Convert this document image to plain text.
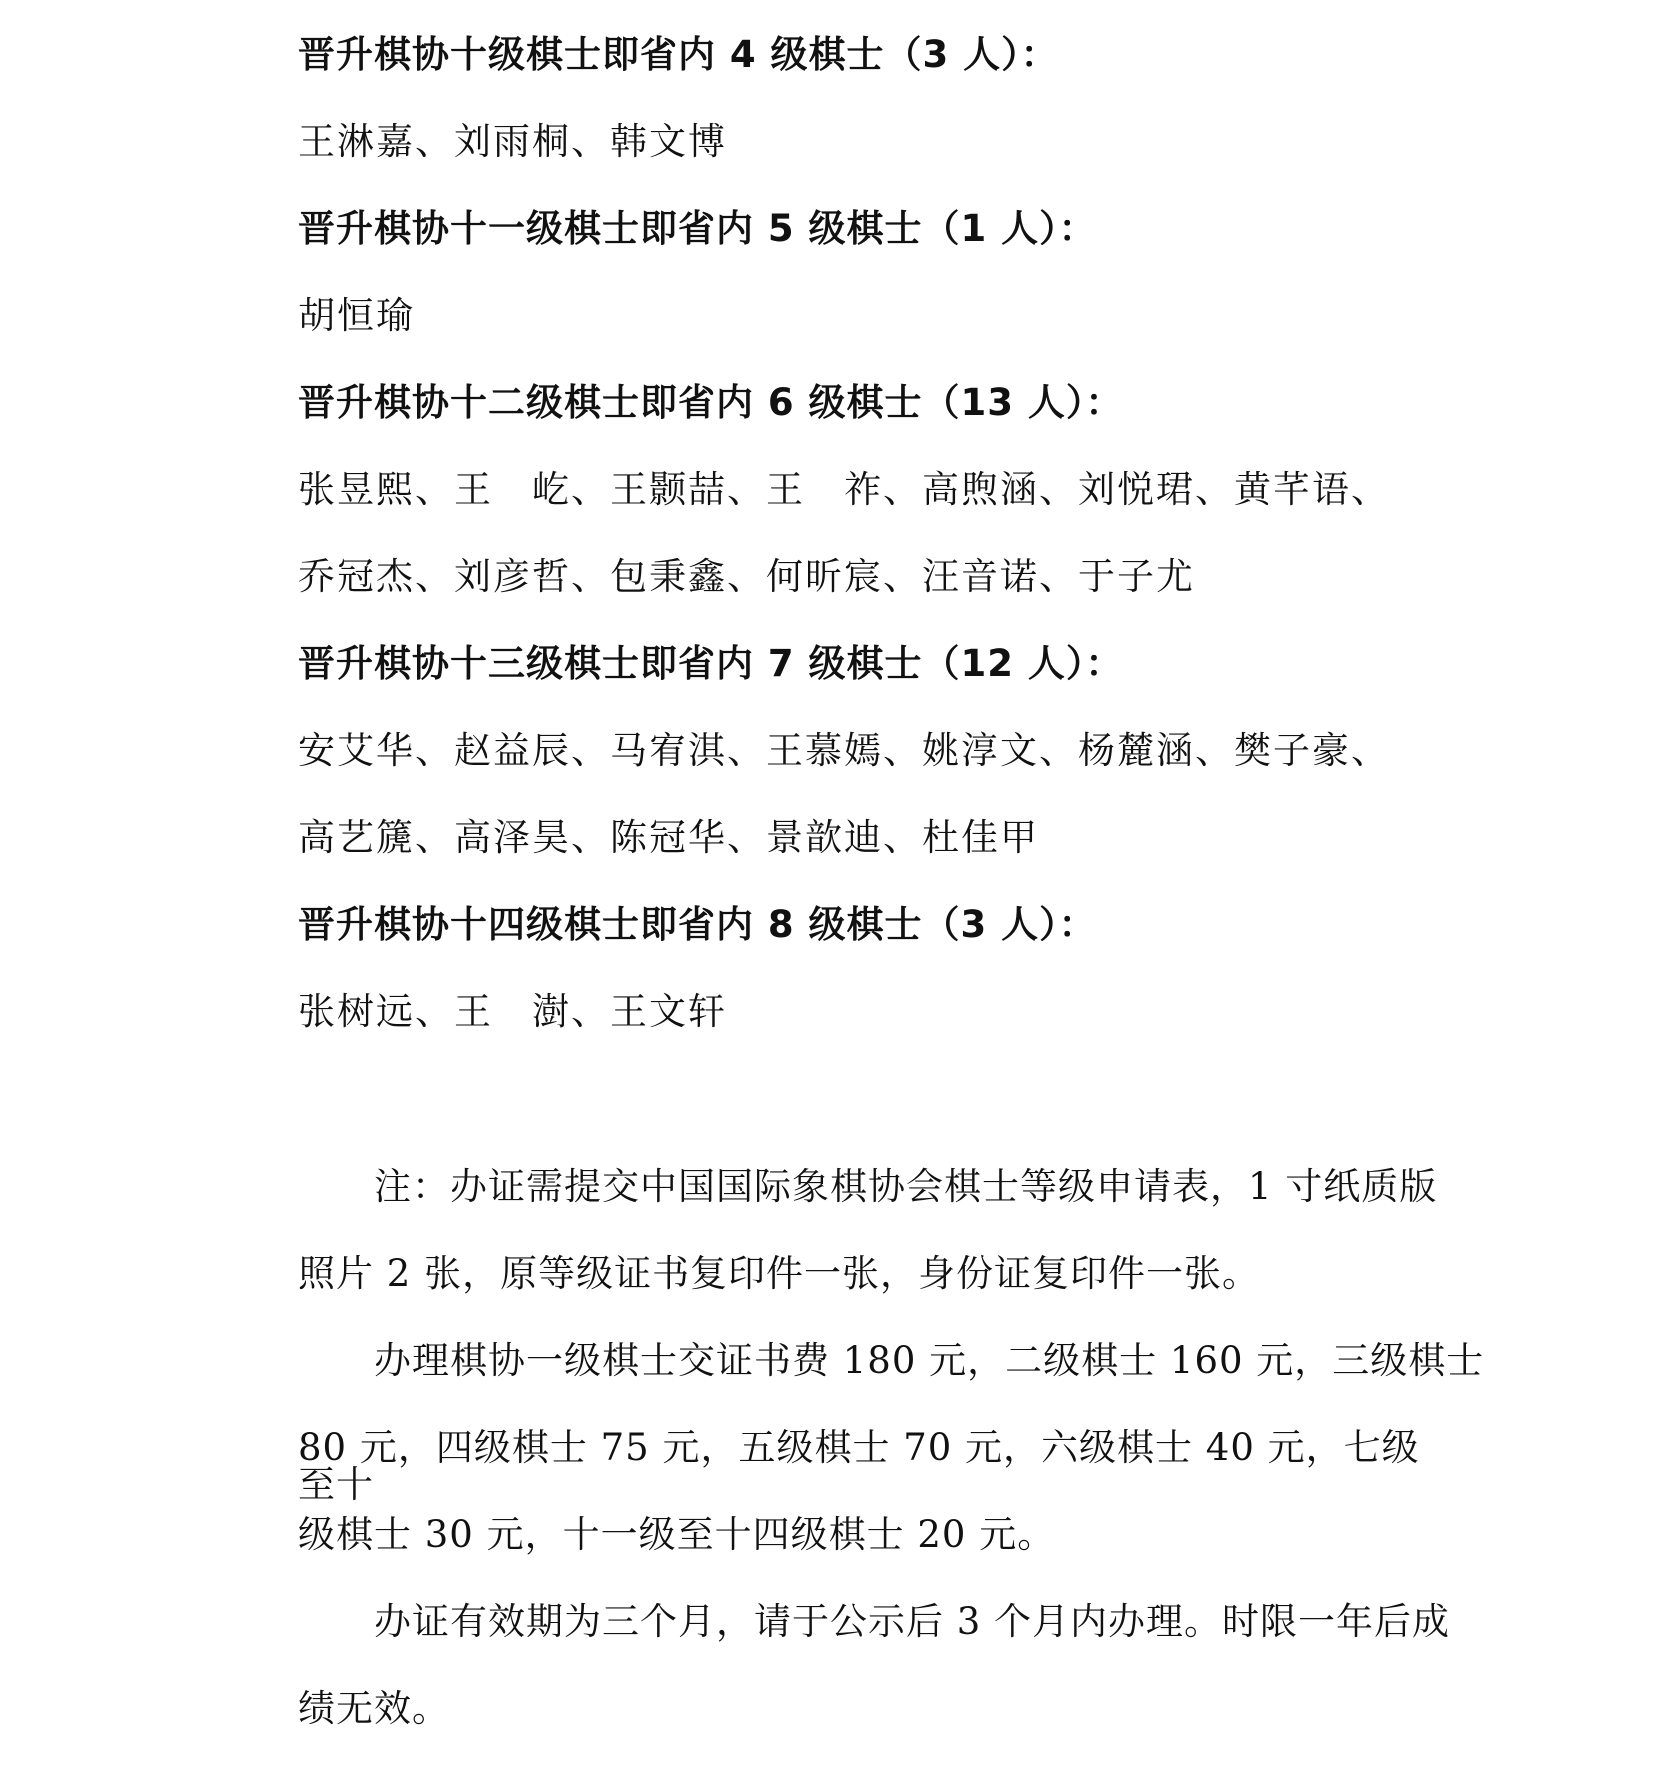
晋升棋协十级棋士即省内 4 级棋士（3 人）：
王淋嘉、刘雨桐、韩文博
晋升棋协十一级棋士即省内 5 级棋士（1 人）：
胡恒瑜
晋升棋协十二级棋士即省内 6 级棋士（13 人）：
张昱熙、王　屹、王颢喆、王　祚、高煦涵、刘悦珺、黄芊语、
乔冠杰、刘彦哲、包秉鑫、何昕宸、汪音诺、于子尤
晋升棋协十三级棋士即省内 7 级棋士（12 人）：
安艾华、赵益辰、马宥淇、王慕嫣、姚淳文、杨麓涵、樊子豪、
高艺篪、高泽昊、陈冠华、景歆迪、杜佳甲
晋升棋协十四级棋士即省内 8 级棋士（3 人）：
张树远、王　澍、王文轩
注：办证需提交中国国际象棋协会棋士等级申请表，1 寸纸质版
照片 2 张，原等级证书复印件一张，身份证复印件一张。
办理棋协一级棋士交证书费 180 元，二级棋士 160 元，三级棋士
80 元，四级棋士 75 元，五级棋士 70 元，六级棋士 40 元，七级至十
级棋士 30 元，十一级至十四级棋士 20 元。
办证有效期为三个月，请于公示后 3 个月内办理。时限一年后成
绩无效。
